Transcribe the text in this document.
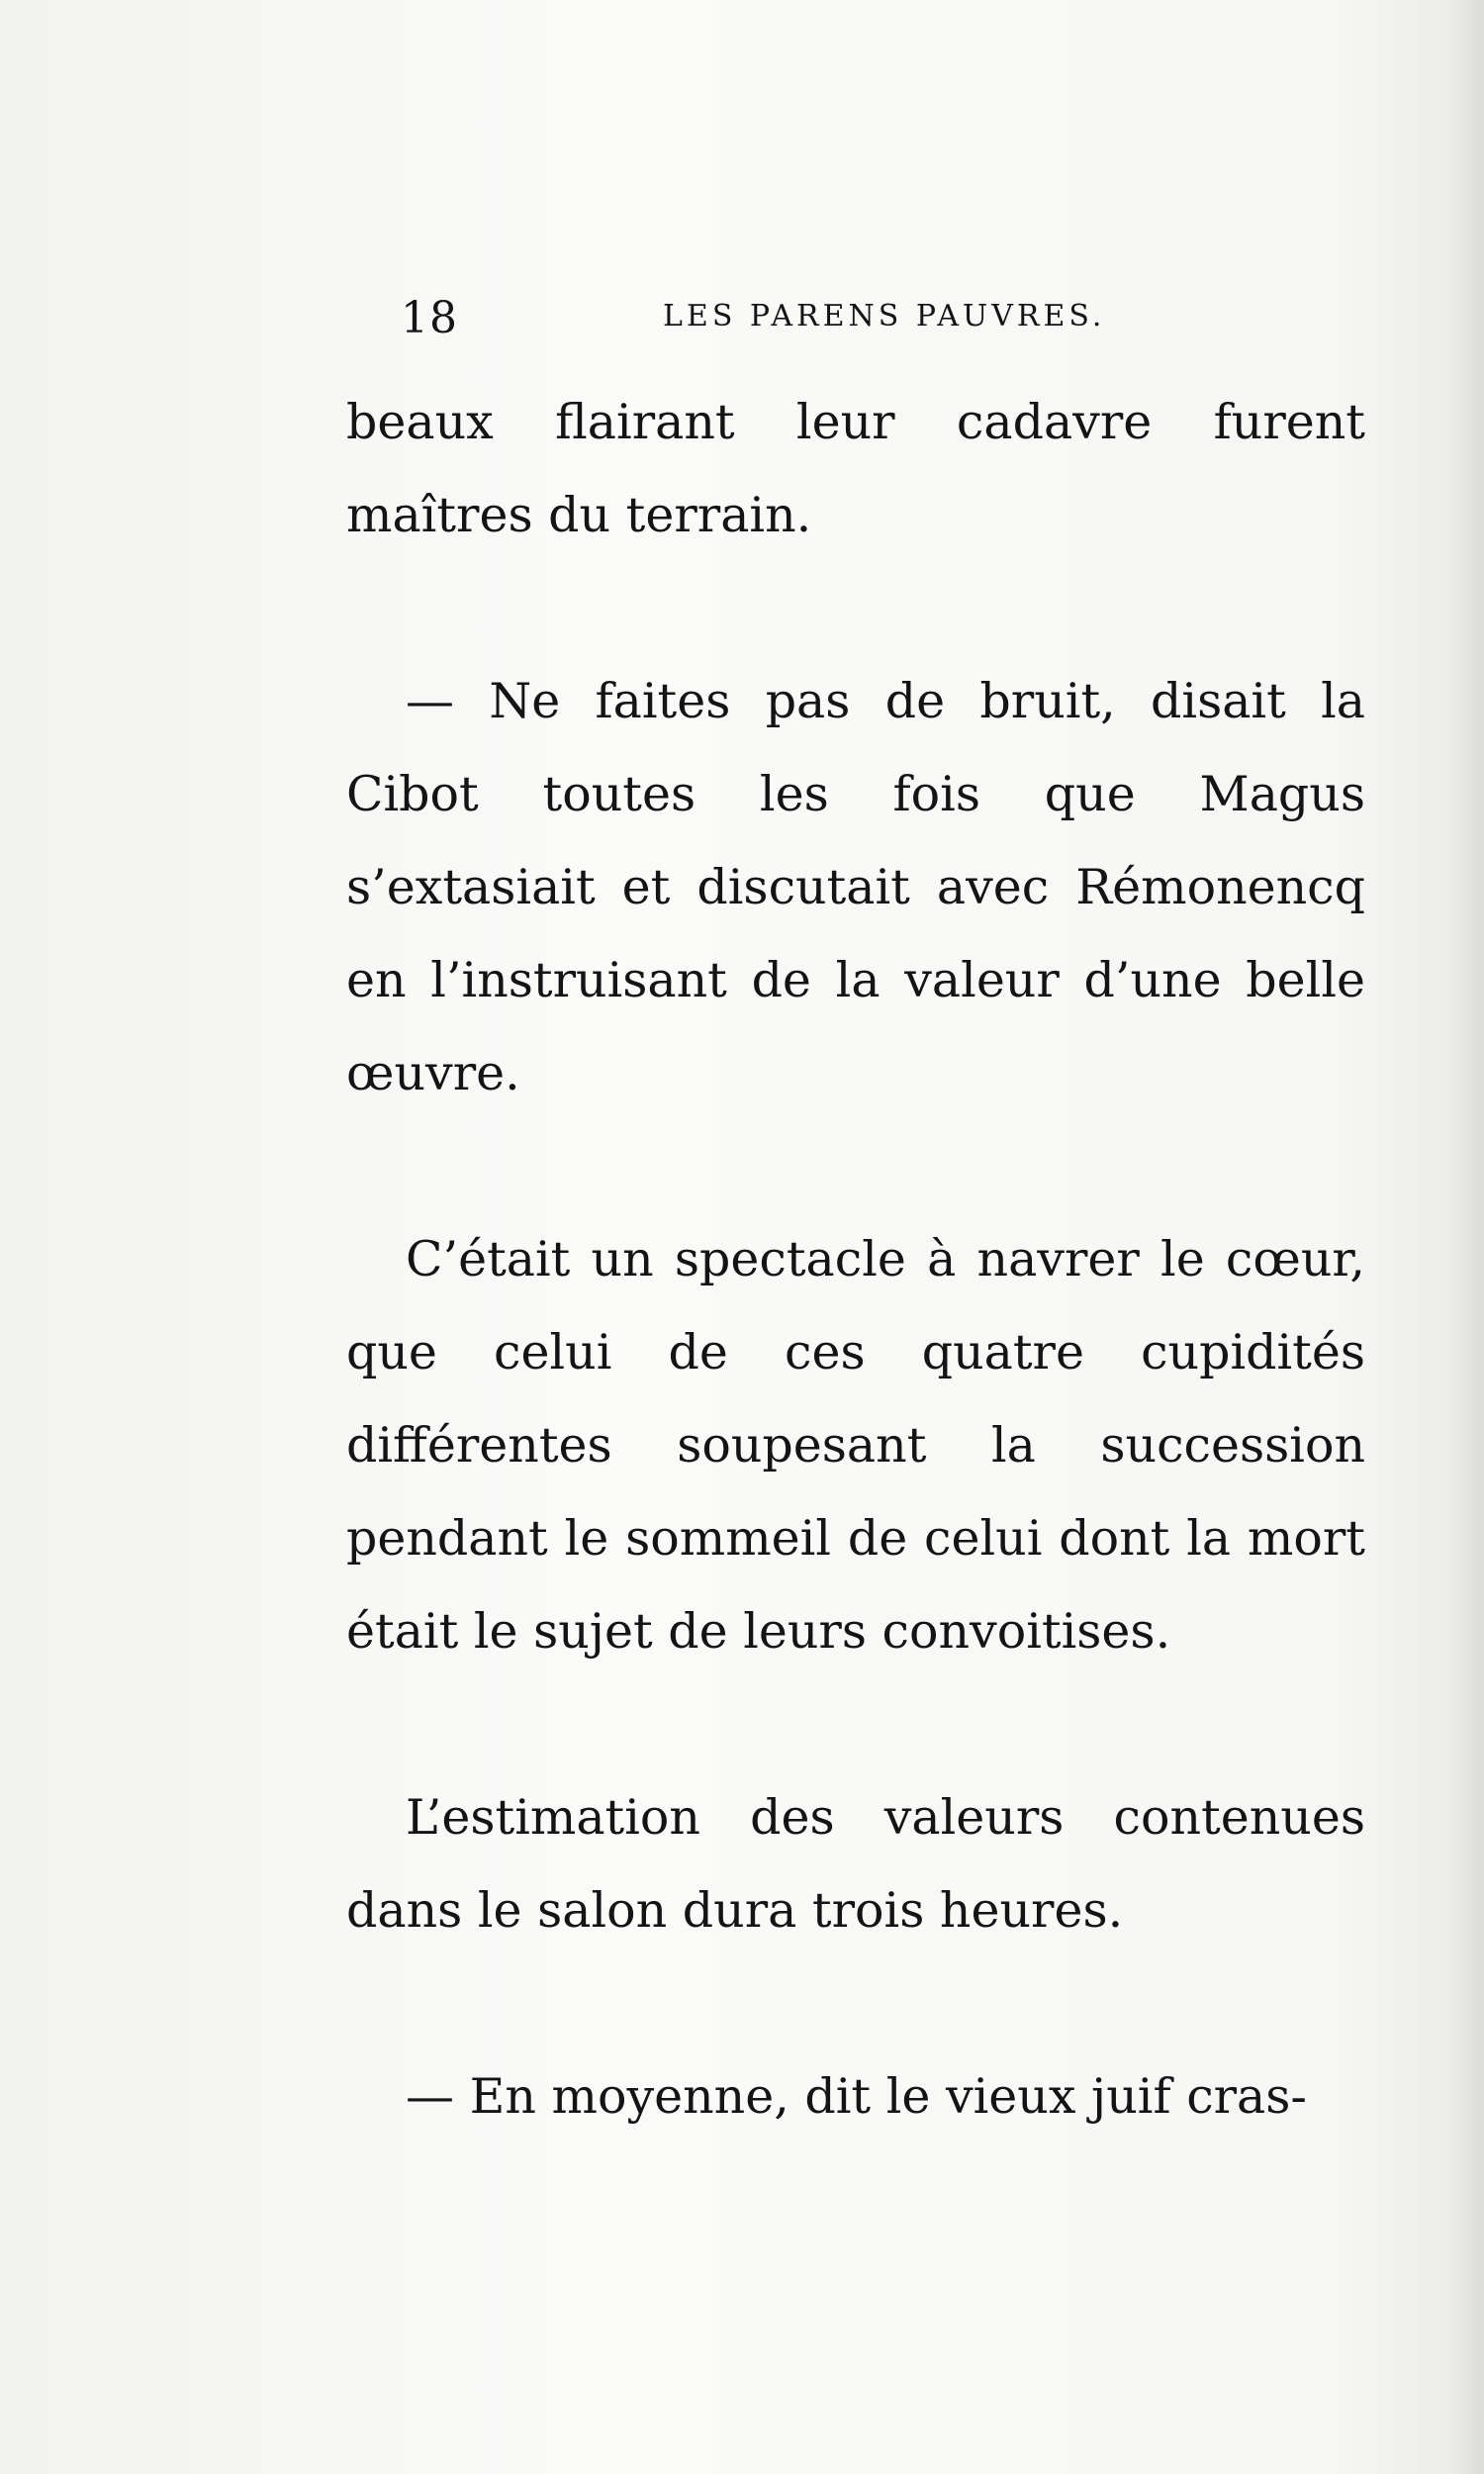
18	LES PARENS PAUVRES.

beaux flairant leur cadavre furent maîtres du terrain.

— Ne faites pas de bruit, disait la Cibot toutes les fois que Magus s’extasiait et discutait avec Rémonencq en l’instruisant de la valeur d’une belle œuvre.

C’était un spectacle à navrer le cœur, que celui de ces quatre cupidités différentes soupesant la succession pendant le sommeil de celui dont la mort était le sujet de leurs convoitises.

L’estimation des valeurs contenues dans le salon dura trois heures.

— En moyenne, dit le vieux juif cras-
